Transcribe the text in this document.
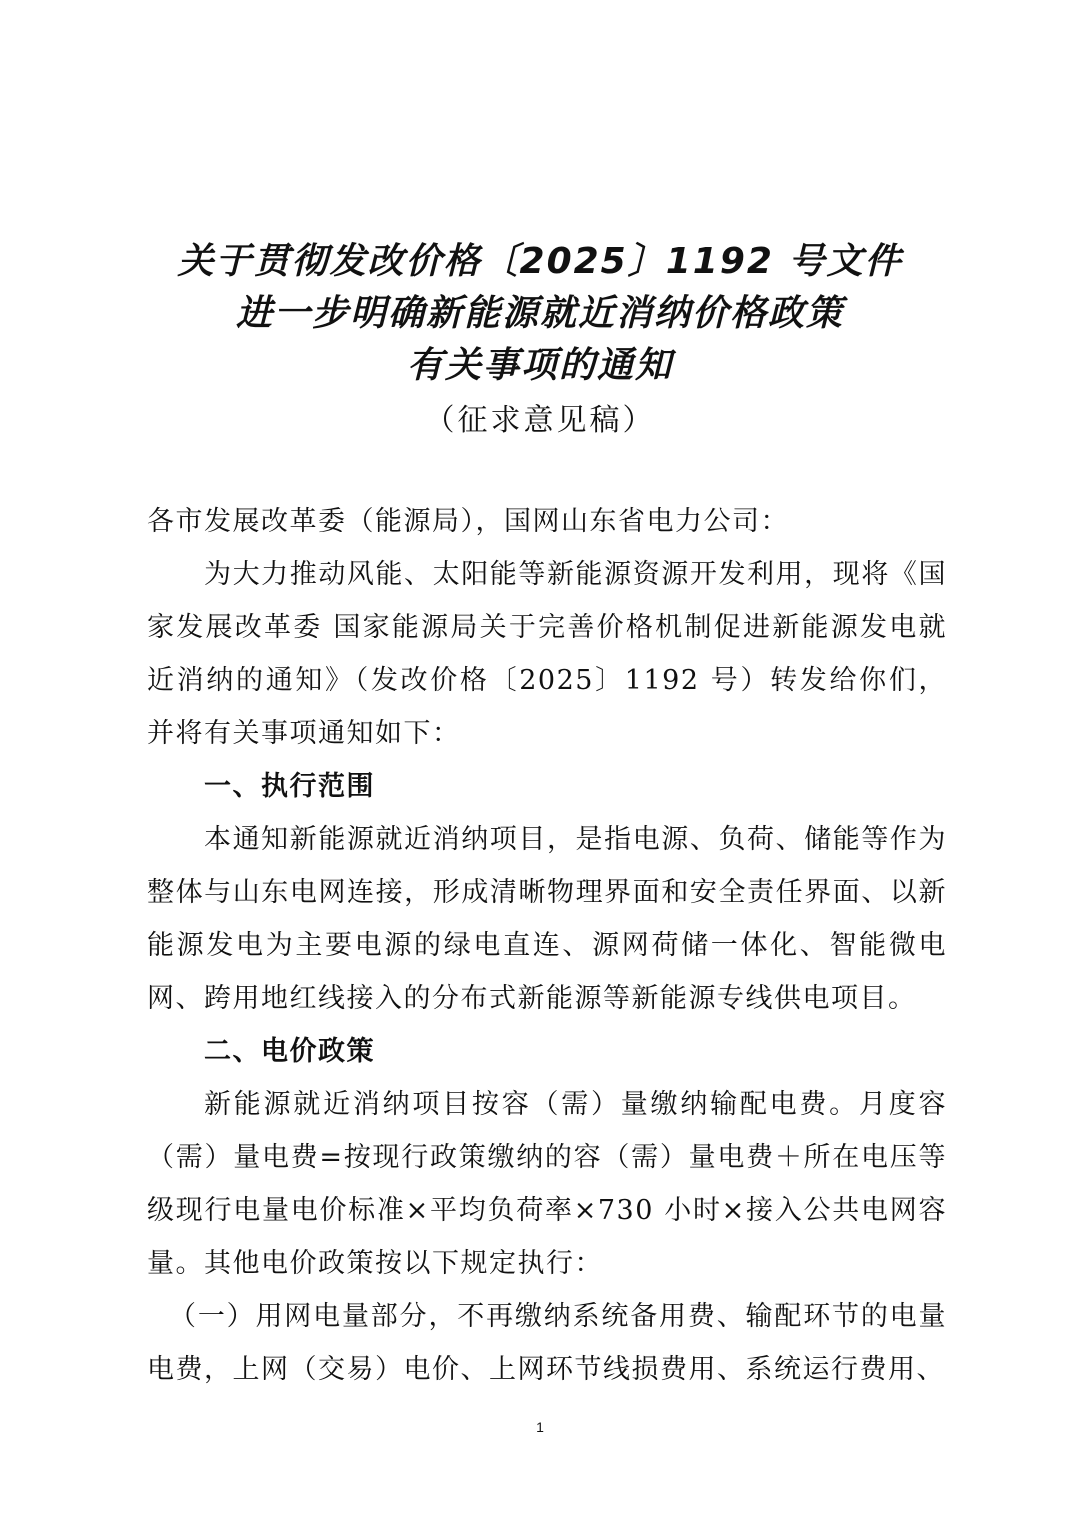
关于贯彻发改价格〔2025〕1192 号文件
进一步明确新能源就近消纳价格政策
有关事项的通知
（征求意见稿）

各市发展改革委（能源局），国网山东省电力公司：

为大力推动风能、太阳能等新能源资源开发利用，现将《国家发展改革委 国家能源局关于完善价格机制促进新能源发电就近消纳的通知》（发改价格〔2025〕1192 号）转发给你们，并将有关事项通知如下：

一、执行范围

本通知新能源就近消纳项目，是指电源、负荷、储能等作为整体与山东电网连接，形成清晰物理界面和安全责任界面、以新能源发电为主要电源的绿电直连、源网荷储一体化、智能微电网、跨用地红线接入的分布式新能源等新能源专线供电项目。

二、电价政策

新能源就近消纳项目按容（需）量缴纳输配电费。月度容（需）量电费=按现行政策缴纳的容（需）量电费＋所在电压等级现行电量电价标准×平均负荷率×730 小时×接入公共电网容量。其他电价政策按以下规定执行：

（一）用网电量部分，不再缴纳系统备用费、输配环节的电量电费，上网（交易）电价、上网环节线损费用、系统运行费用、

1
